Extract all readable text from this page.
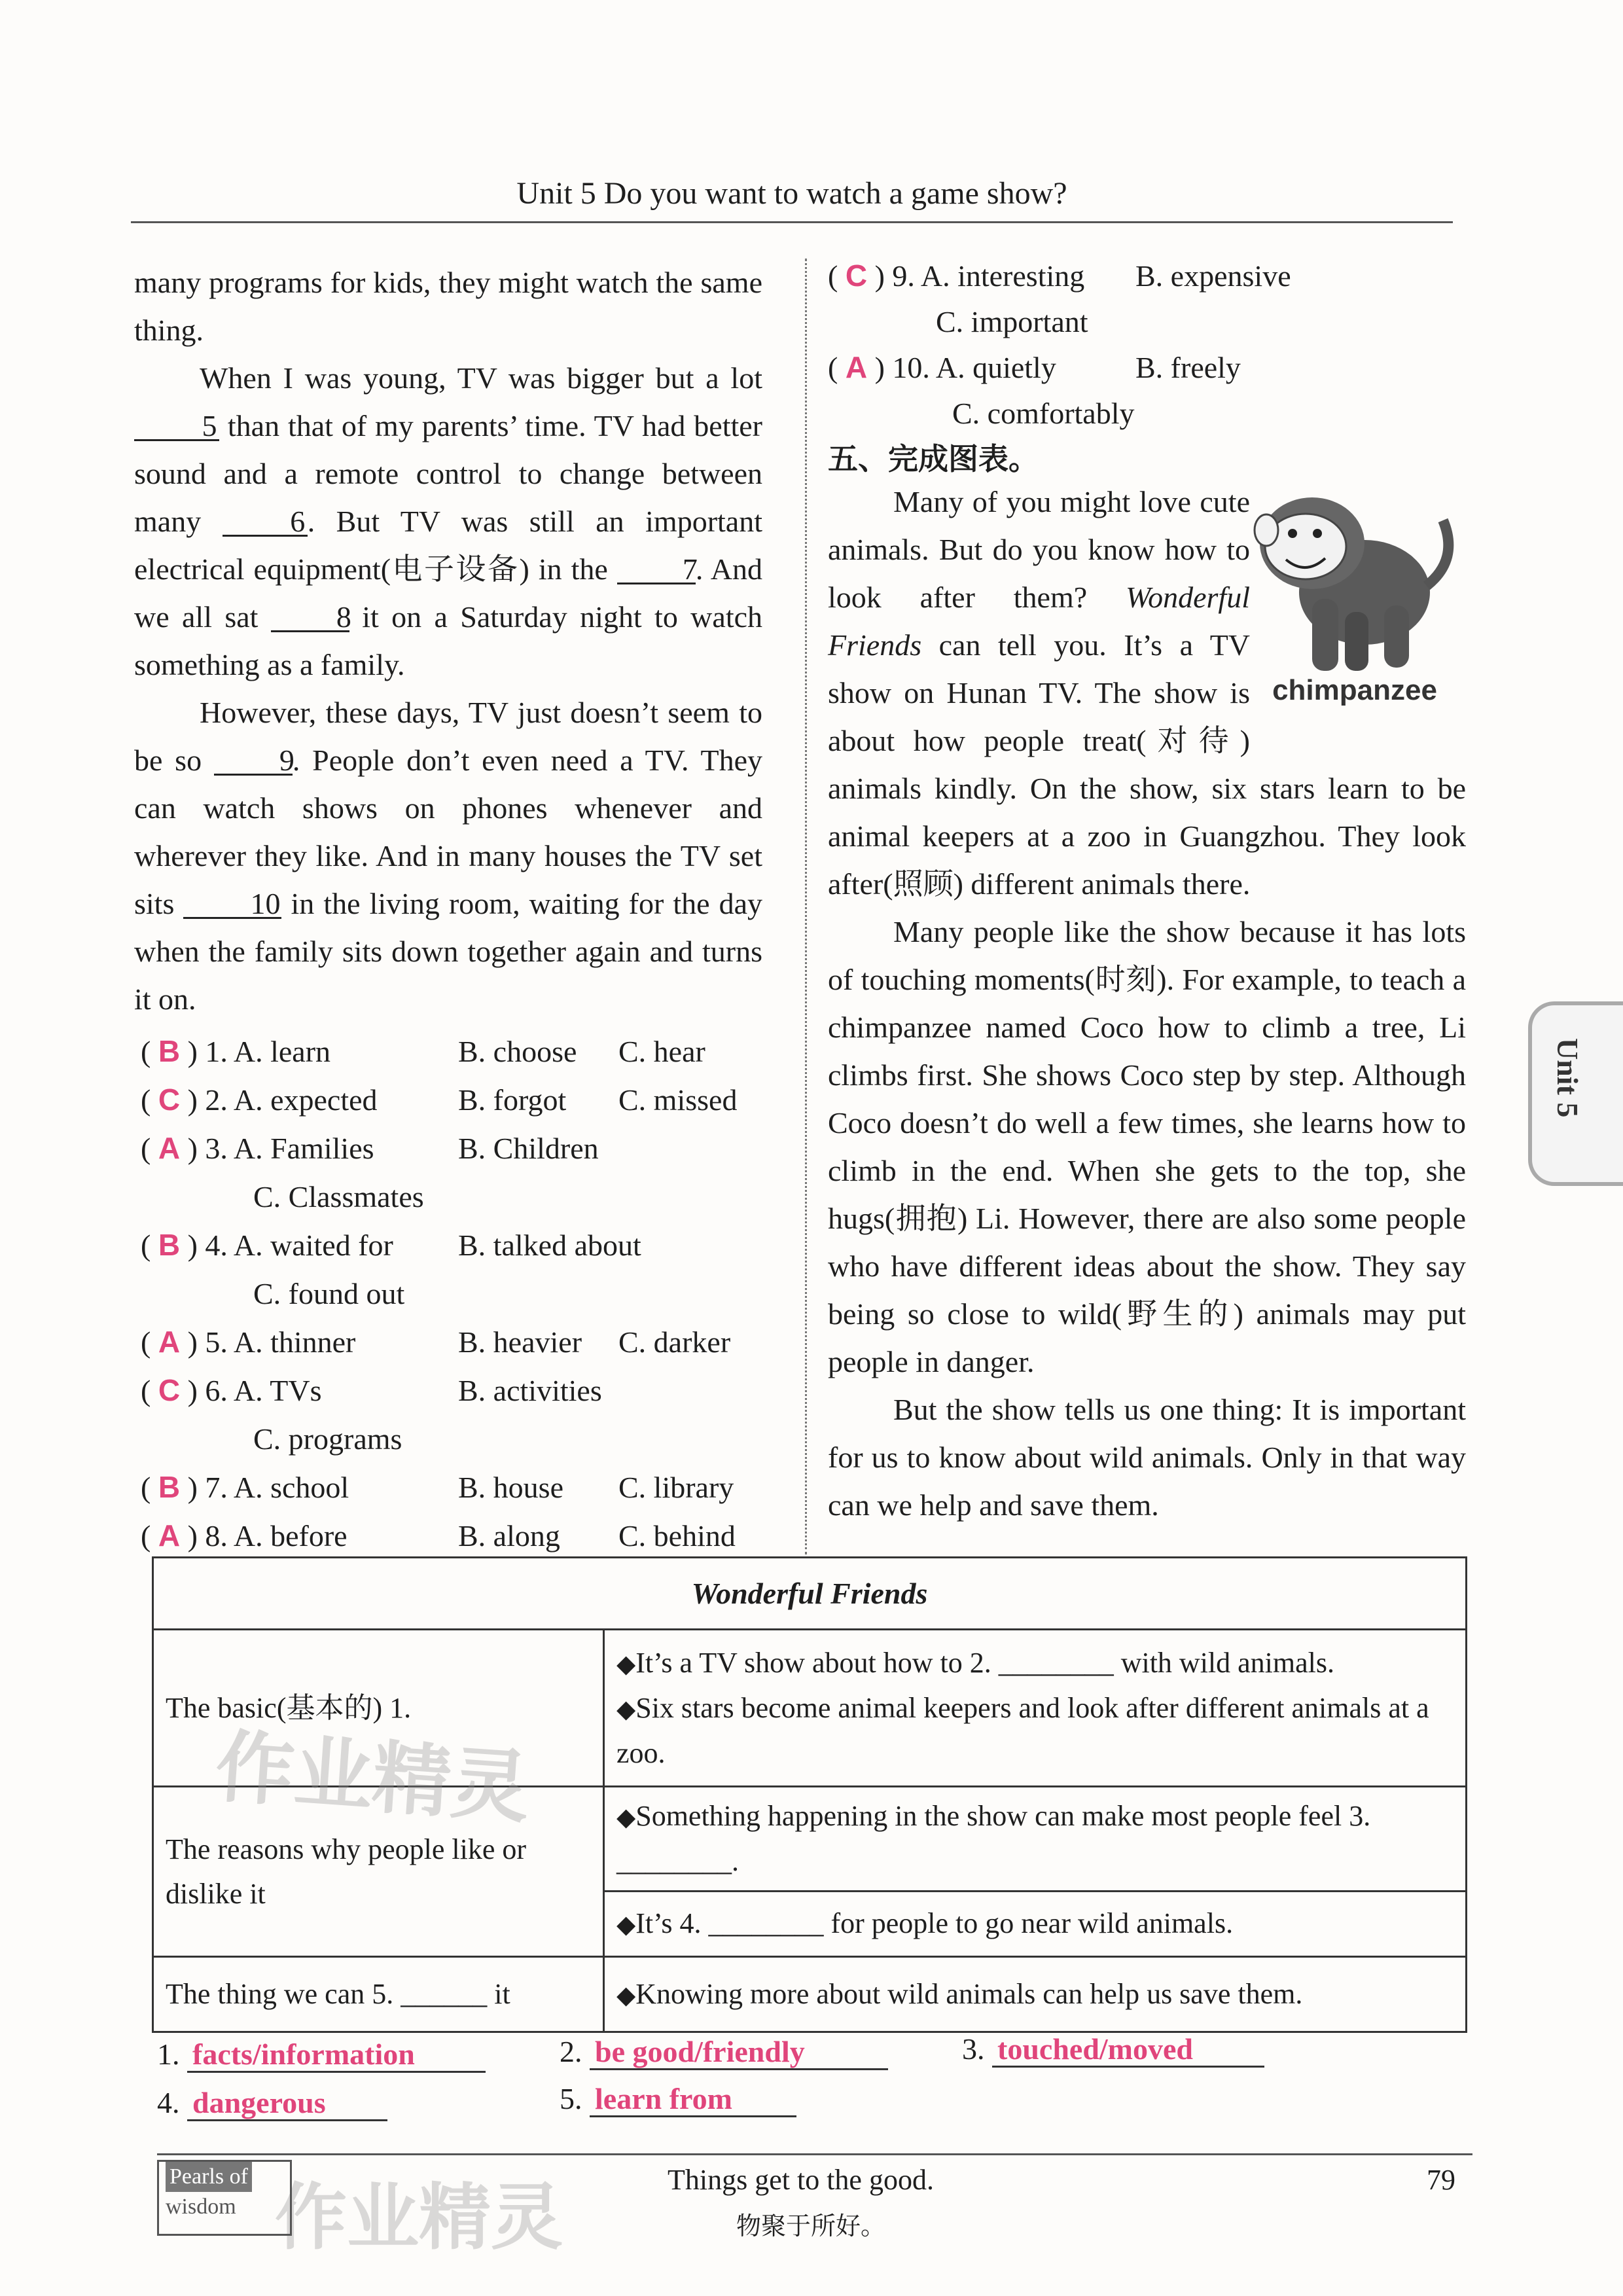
Unit 5 Do you want to watch a game show?

many programs for kids, they might watch the same thing.

When I was young, TV was bigger but a lot 5 than that of my parents’ time. TV had better sound and a remote control to change between many	6. But TV was still an important electrical equipment(电子设备) in the 7. And we all sat	8 it on a Saturday night to watch something as a family.

However, these days, TV just doesn’t seem to be so	9. People don’t even need a TV. They can watch shows on phones whenever and wherever they like. And in many houses the TV set sits	10 in the living room, waiting for the day when the family sits down together again and turns it on.

( B ) 1. A. learn	B. choose C. hear
( C ) 2. A. expected	B. forgot C. missed
( A ) 3. A. Families	B. Children
C. Classmates
( B ) 4. A. waited for B. talked about
C. found out
( A ) 5. A. thinner	B. heavier C. darker
( C ) 6. A. TVs	B. activities
C. programs
( B ) 7. A. school	B. house C. library
( A ) 8. A. before	B. along C. behind
( C ) 9. A. interesting B. expensive
C. important
( A ) 10. A. quietly	B. freely
C. comfortably
五、完成图表。
chimpanzee

Many of you might love cute animals. But do you know how to look after them? Wonderful Friends can tell you. It’s a TV show on Hunan TV. The show is about how people treat(对待) animals kindly. On the show, six stars learn to be animal keepers at a zoo in Guangzhou. They look after(照顾) different animals there.

Many people like the show because it has lots of touching moments(时刻). For example, to teach a chimpanzee named Coco how to climb a tree, Li climbs first. She shows Coco step by step. Although Coco doesn’t do well a few times, she learns how to climb in the end. When she gets to the top, she hugs(拥抱) Li. However, there are also some people who have different ideas about the show. They say being so close to wild(野生的) animals may put people in danger.

But the show tells us one thing: It is important for us to know about wild animals. Only in that way can we help and save them.

Wonderful Friends	
The basic(基本的) 1.	◆It’s a TV show about how to 2. ________ with wild animals.
◆Six stars become animal keepers and look after different animals at a zoo.

The reasons why people like or dislike it	◆Something happening in the show can make most people feel 3. ________.
	◆It’s 4. ________ for people to go near wild animals.
The thing we can 5. ______ it	◆Knowing more about wild animals can help us save them.
1. facts/information	2. be good/friendly	3. touched/moved
4. dangerous	5. learn from
Unit 5
作业精灵
作业精灵
Pearls of
wisdom
Things get to the good.
物聚于所好。
79
